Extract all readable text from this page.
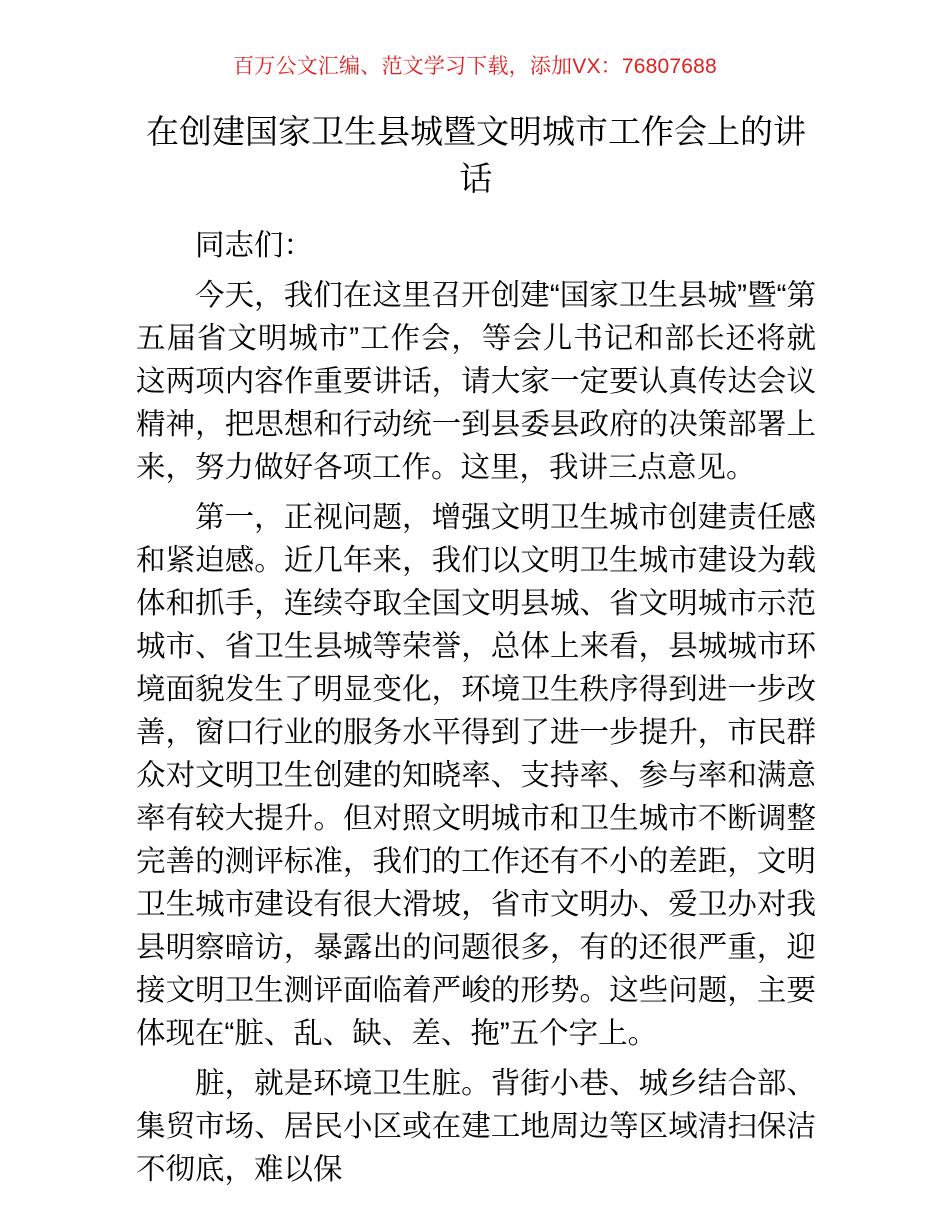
百万公文汇编、范文学习下载，添加VX：76807688
在创建国家卫生县城暨文明城市工作会上的讲话

同志们：

今天，我们在这里召开创建“国家卫生县城”暨“第五届省文明城市”工作会，等会儿书记和部长还将就这两项内容作重要讲话，请大家一定要认真传达会议精神，把思想和行动统一到县委县政府的决策部署上来，努力做好各项工作。这里，我讲三点意见。

第一，正视问题，增强文明卫生城市创建责任感和紧迫感。近几年来，我们以文明卫生城市建设为载体和抓手，连续夺取全国文明县城、省文明城市示范城市、省卫生县城等荣誉，总体上来看，县城城市环境面貌发生了明显变化，环境卫生秩序得到进一步改善，窗口行业的服务水平得到了进一步提升，市民群众对文明卫生创建的知晓率、支持率、参与率和满意率有较大提升。但对照文明城市和卫生城市不断调整完善的测评标准，我们的工作还有不小的差距，文明卫生城市建设有很大滑坡，省市文明办、爱卫办对我县明察暗访，暴露出的问题很多，有的还很严重，迎接文明卫生测评面临着严峻的形势。这些问题，主要体现在“脏、乱、缺、差、拖”五个字上。

脏，就是环境卫生脏。背街小巷、城乡结合部、集贸市场、居民小区或在建工地周边等区域清扫保洁不彻底，难以保
